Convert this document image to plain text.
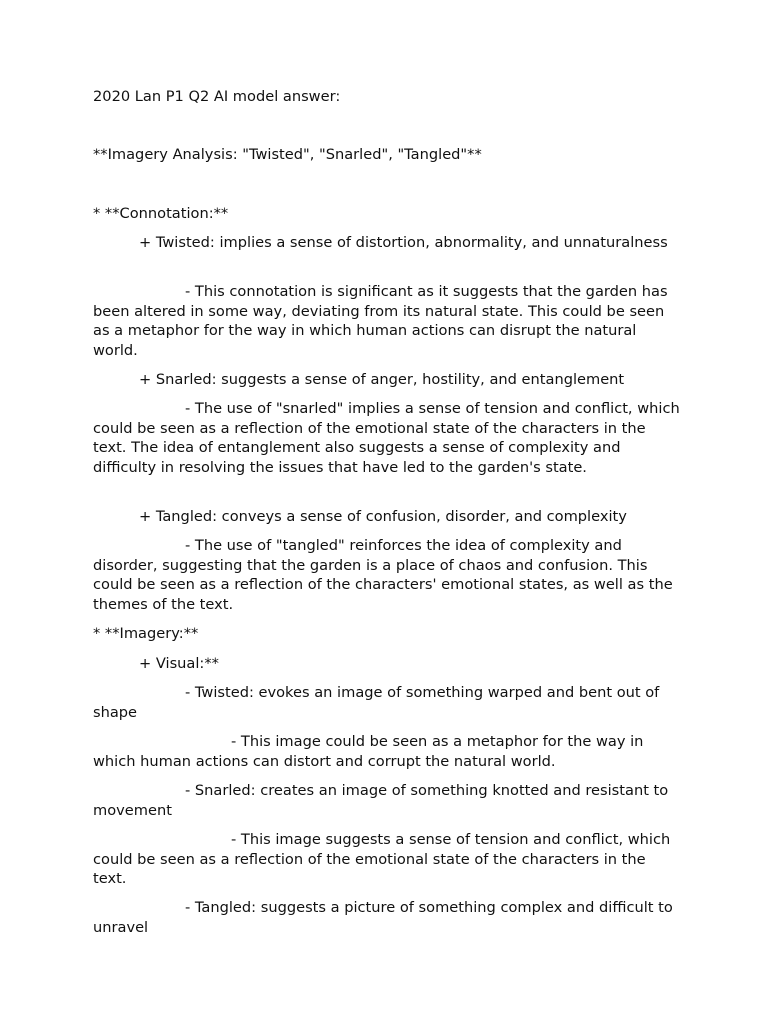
2020 Lan P1 Q2 AI model answer:

**Imagery Analysis: "Twisted", "Snarled", "Tangled"**

* **Connotation:**

+ Twisted: implies a sense of distortion, abnormality, and unnaturalness

- This connotation is significant as it suggests that the garden has been altered in some way, deviating from its natural state. This could be seen as a metaphor for the way in which human actions can disrupt the natural world.

+ Snarled: suggests a sense of anger, hostility, and entanglement

- The use of "snarled" implies a sense of tension and conflict, which could be seen as a reflection of the emotional state of the characters in the text. The idea of entanglement also suggests a sense of complexity and difficulty in resolving the issues that have led to the garden's state.

+ Tangled: conveys a sense of confusion, disorder, and complexity

- The use of "tangled" reinforces the idea of complexity and disorder, suggesting that the garden is a place of chaos and confusion. This could be seen as a reflection of the characters' emotional states, as well as the themes of the text.

* **Imagery:**

+ Visual:**

- Twisted: evokes an image of something warped and bent out of shape

- This image could be seen as a metaphor for the way in which human actions can distort and corrupt the natural world.

- Snarled: creates an image of something knotted and resistant to movement

- This image suggests a sense of tension and conflict, which could be seen as a reflection of the emotional state of the characters in the text.

- Tangled: suggests a picture of something complex and difficult to unravel
